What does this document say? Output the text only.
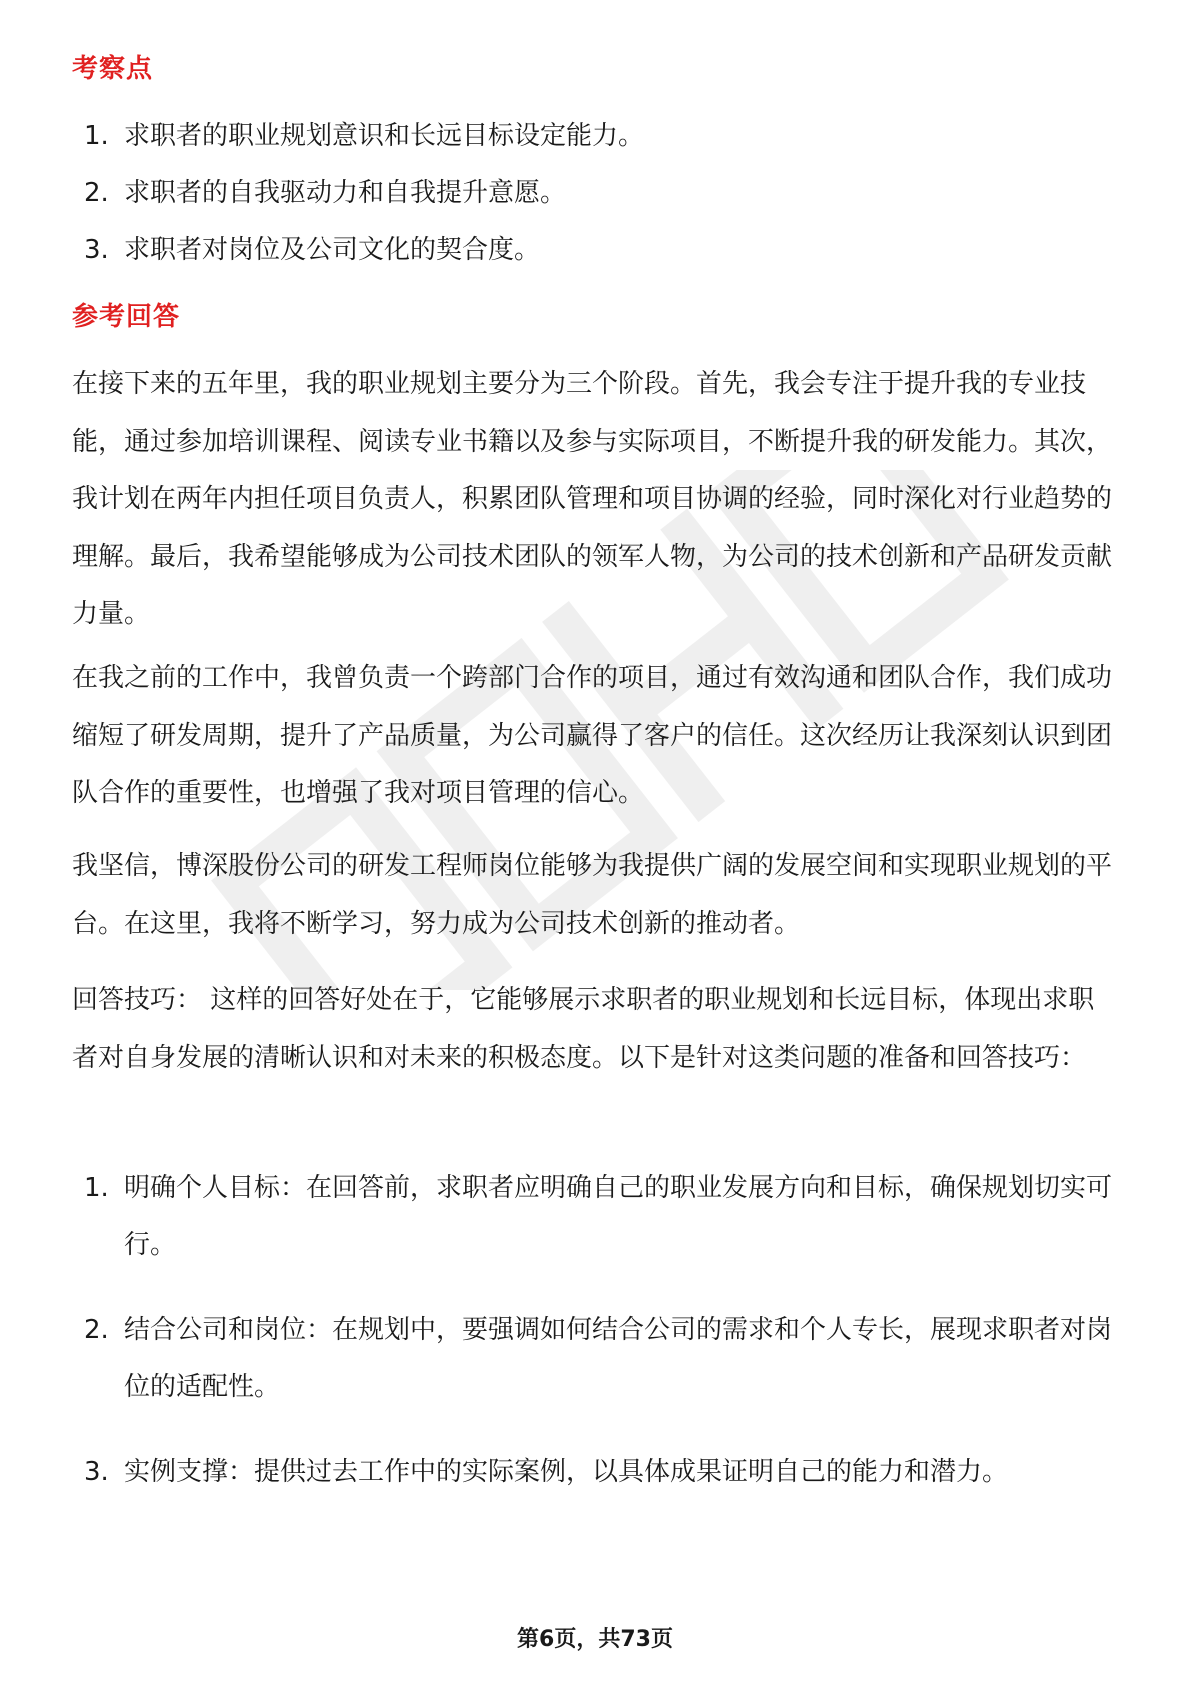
考察点
1. 求职者的职业规划意识和长远目标设定能力。
2. 求职者的自我驱动力和自我提升意愿。
3. 求职者对岗位及公司文化的契合度。
参考回答

在接下来的五年里，我的职业规划主要分为三个阶段。首先，我会专注于提升我的专业技能，通过参加培训课程、阅读专业书籍以及参与实际项目，不断提升我的研发能力。其次，我计划在两年内担任项目负责人，积累团队管理和项目协调的经验，同时深化对行业趋势的理解。最后，我希望能够成为公司技术团队的领军人物，为公司的技术创新和产品研发贡献力量。

在我之前的工作中，我曾负责一个跨部门合作的项目，通过有效沟通和团队合作，我们成功缩短了研发周期，提升了产品质量，为公司赢得了客户的信任。这次经历让我深刻认识到团队合作的重要性，也增强了我对项目管理的信心。

我坚信，博深股份公司的研发工程师岗位能够为我提供广阔的发展空间和实现职业规划的平台。在这里，我将不断学习，努力成为公司技术创新的推动者。

回答技巧： 这样的回答好处在于，它能够展示求职者的职业规划和长远目标，体现出求职者对自身发展的清晰认识和对未来的积极态度。以下是针对这类问题的准备和回答技巧：

1. 明确个人目标：在回答前，求职者应明确自己的职业发展方向和目标，确保规划切实可行。
2. 结合公司和岗位：在规划中，要强调如何结合公司的需求和个人专长，展现求职者对岗位的适配性。
3. 实例支撑：提供过去工作中的实际案例，以具体成果证明自己的能力和潜力。
第6页，共73页
